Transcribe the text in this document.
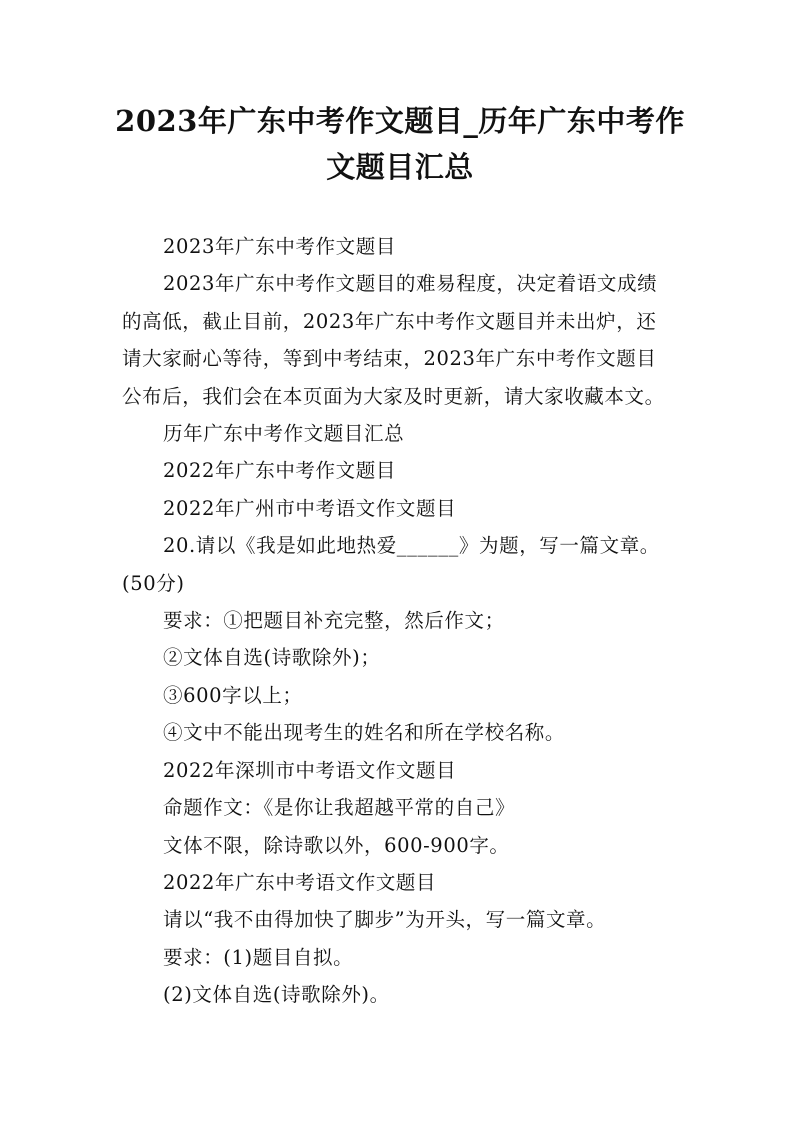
2023年广东中考作文题目_历年广东中考作
文题目汇总
2023年广东中考作文题目
2023年广东中考作文题目的难易程度，决定着语文成绩
的高低，截止目前，2023年广东中考作文题目并未出炉，还
请大家耐心等待，等到中考结束，2023年广东中考作文题目
公布后，我们会在本页面为大家及时更新，请大家收藏本文。
历年广东中考作文题目汇总
2022年广东中考作文题目
2022年广州市中考语文作文题目
20.请以《我是如此地热爱______》为题，写一篇文章。
(50分)
要求：①把题目补充完整，然后作文；
②文体自选(诗歌除外)；
③600字以上；
④文中不能出现考生的姓名和所在学校名称。
2022年深圳市中考语文作文题目
命题作文：《是你让我超越平常的自己》
文体不限，除诗歌以外，600-900字。
2022年广东中考语文作文题目
请以“我不由得加快了脚步”为开头，写一篇文章。
要求：(1)题目自拟。
(2)文体自选(诗歌除外)。
